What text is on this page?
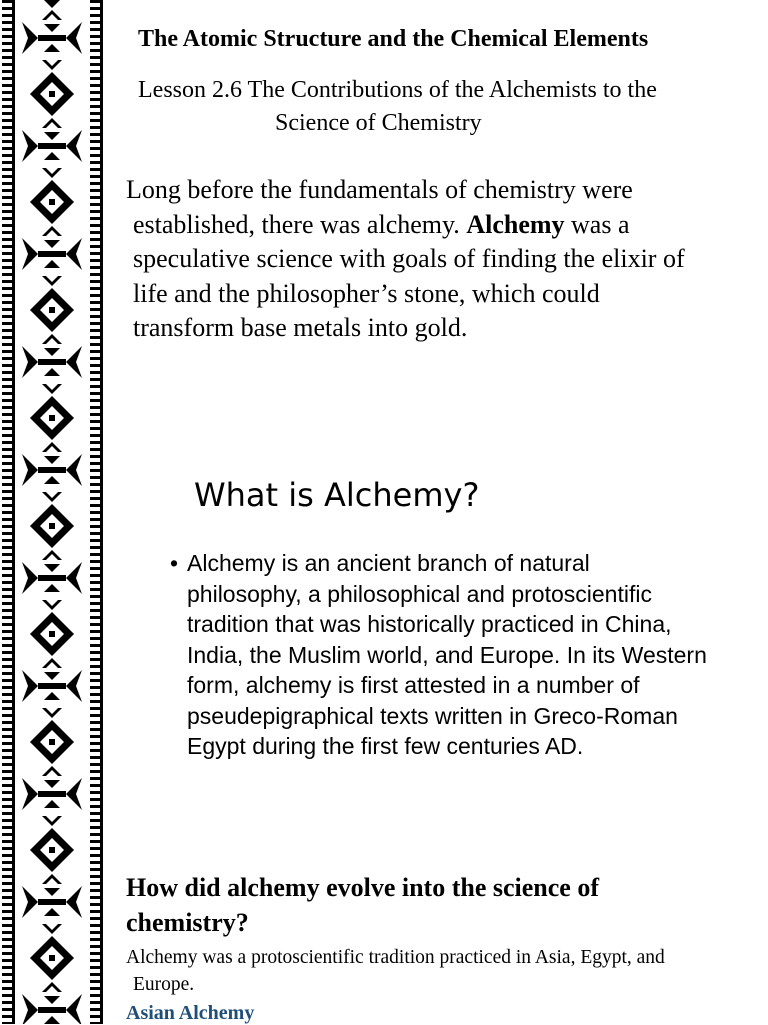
The Atomic Structure and the Chemical Elements
Lesson 2.6 The Contributions of the Alchemists to the
Science of Chemistry
Long before the fundamentals of chemistry were
established, there was alchemy. Alchemy was a
speculative science with goals of finding the elixir of
life and the philosopher’s stone, which could
transform base metals into gold.
What is Alchemy?
• Alchemy is an ancient branch of natural philosophy, a philosophical and protoscientific tradition that was historically practiced in China, India, the Muslim world, and Europe. In its Western form, alchemy is first attested in a number of pseudepigraphical texts written in Greco-Roman Egypt during the first few centuries AD.
How did alchemy evolve into the science of chemistry?
Alchemy was a protoscientific tradition practiced in Asia, Egypt, and
Europe.
Asian Alchemy
